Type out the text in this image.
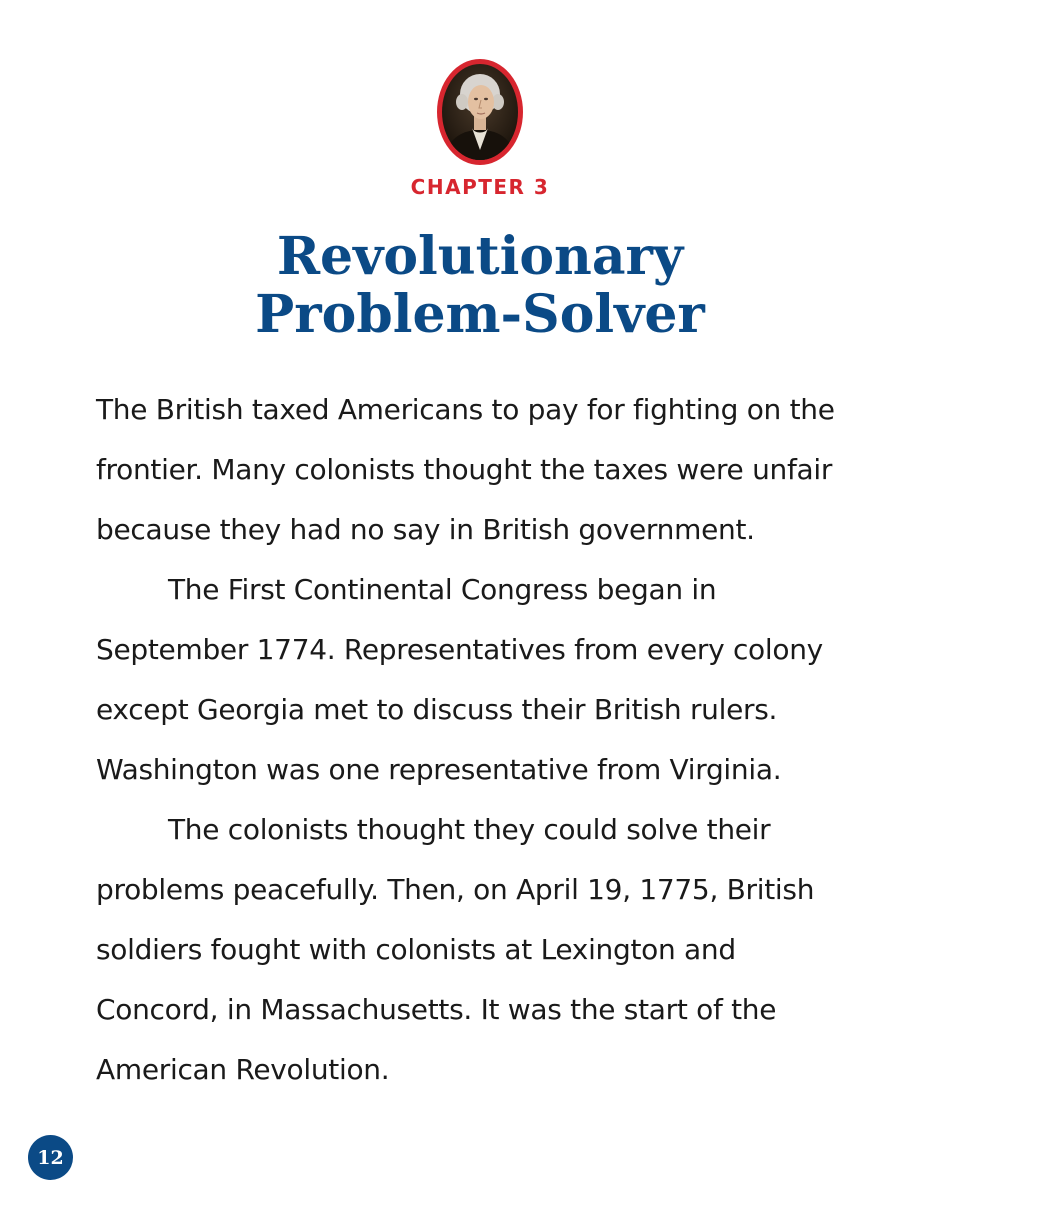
CHAPTER 3
Revolutionary
Problem-Solver

The British taxed Americans to pay for fighting on the frontier. Many colonists thought the taxes were unfair because they had no say in British government.

The First Continental Congress began in September 1774. Representatives from every colony except Georgia met to discuss their British rulers. Washington was one representative from Virginia.

The colonists thought they could solve their problems peacefully. Then, on April 19, 1775, British soldiers fought with colonists at Lexington and Concord, in Massachusetts. It was the start of the American Revolution.

12
